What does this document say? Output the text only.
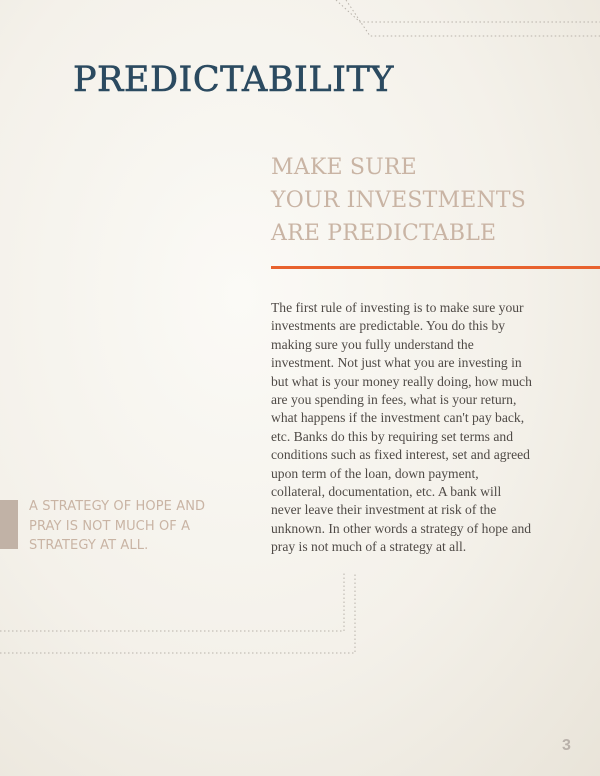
PREDICTABILITY
MAKE SURE
YOUR INVESTMENTS
ARE PREDICTABLE

The first rule of investing is to make sure your investments are predictable. You do this by making sure you fully understand the investment. Not just what you are investing in but what is your money really doing, how much are you spending in fees, what is your return, what happens if the investment can't pay back, etc. Banks do this by requiring set terms and conditions such as fixed interest, set and agreed upon term of the loan, down payment, collateral, documentation, etc. A bank will never leave their investment at risk of the unknown. In other words a strategy of hope and pray is not much of a strategy at all.

A STRATEGY OF HOPE AND
PRAY IS NOT MUCH OF A
STRATEGY AT ALL.

3
